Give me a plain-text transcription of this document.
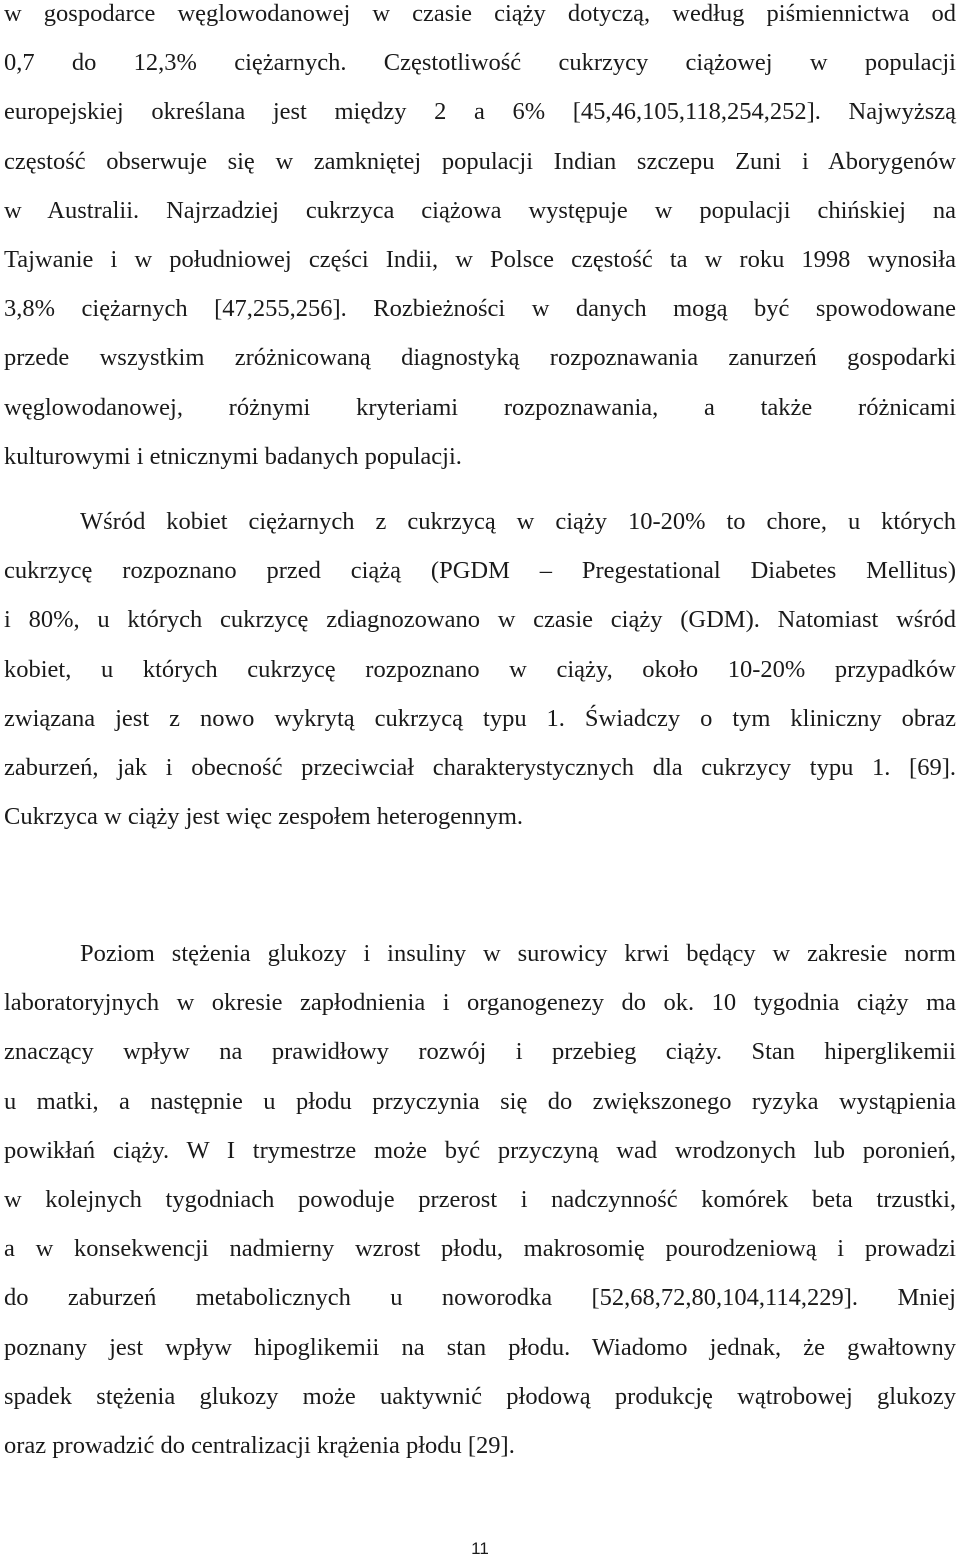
w gospodarce węglowodanowej w czasie ciąży dotyczą, według piśmiennictwa od
0,7 do 12,3% ciężarnych. Częstotliwość cukrzycy ciążowej w populacji
europejskiej określana jest między 2 a 6% [45,46,105,118,254,252]. Najwyższą
częstość obserwuje się w zamkniętej populacji Indian szczepu Zuni i Aborygenów
w Australii. Najrzadziej cukrzyca ciążowa występuje w populacji chińskiej na
Tajwanie i w południowej części Indii, w Polsce częstość ta w roku 1998 wynosiła
3,8% ciężarnych [47,255,256]. Rozbieżności w danych mogą być spowodowane
przede wszystkim zróżnicowaną diagnostyką rozpoznawania zanurzeń gospodarki
węglowodanowej, różnymi kryteriami rozpoznawania, a także różnicami
kulturowymi i etnicznymi badanych populacji.
Wśród kobiet ciężarnych z cukrzycą w ciąży 10-20% to chore, u których
cukrzycę rozpoznano przed ciążą (PGDM – Pregestational Diabetes Mellitus)
i 80%, u których cukrzycę zdiagnozowano w czasie ciąży (GDM). Natomiast wśród
kobiet, u których cukrzycę rozpoznano w ciąży, około 10-20% przypadków
związana jest z nowo wykrytą cukrzycą typu 1. Świadczy o tym kliniczny obraz
zaburzeń, jak i obecność przeciwciał charakterystycznych dla cukrzycy typu 1. [69].
Cukrzyca w ciąży jest więc zespołem heterogennym.
Poziom stężenia glukozy i insuliny w surowicy krwi będący w zakresie norm
laboratoryjnych w okresie zapłodnienia i organogenezy do ok. 10 tygodnia ciąży ma
znaczący wpływ na prawidłowy rozwój i przebieg ciąży. Stan hiperglikemii
u matki, a następnie u płodu przyczynia się do zwiększonego ryzyka wystąpienia
powikłań ciąży. W I trymestrze może być przyczyną wad wrodzonych lub poronień,
w kolejnych tygodniach powoduje przerost i nadczynność komórek beta trzustki,
a w konsekwencji nadmierny wzrost płodu, makrosomię pourodzeniową i prowadzi
do zaburzeń metabolicznych u noworodka [52,68,72,80,104,114,229]. Mniej
poznany jest wpływ hipoglikemii na stan płodu. Wiadomo jednak, że gwałtowny
spadek stężenia glukozy może uaktywnić płodową produkcję wątrobowej glukozy
oraz prowadzić do centralizacji krążenia płodu [29].
11
